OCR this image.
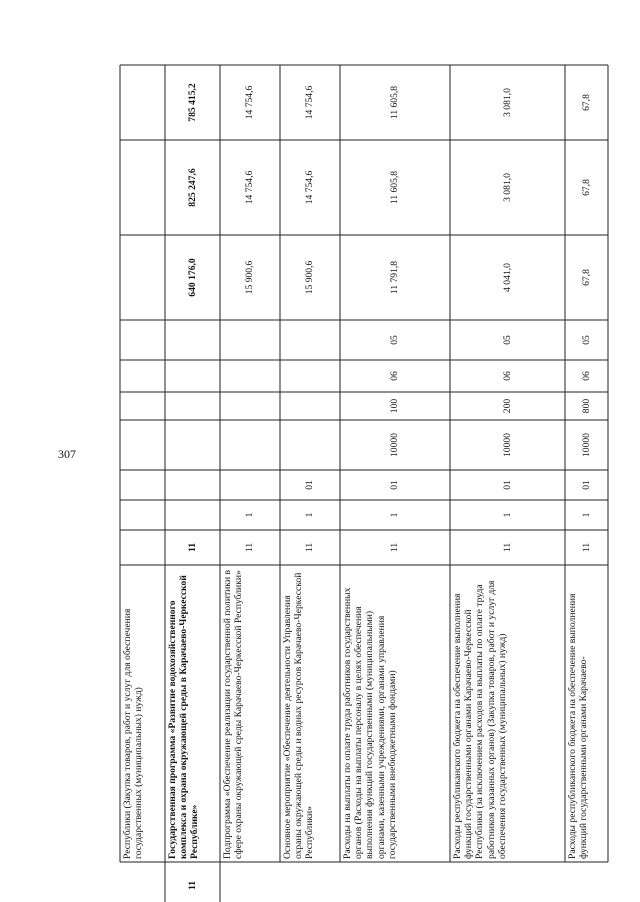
307
Республики (Закупка товаров, работ и услуг для обеспечения государственных (муниципальных) нужд) Государственная программа «Развитие водохозяйственного комплекса и охрана окружающей среды в Карачаево-Черкесской Республике»
11
785 415,2
825 247,6
640 176,0
11
Подпрограмма «Обеспечение реализации государственной политики в сфере охраны окружающей среды Карачаево-Черкесской Республики»
14 754,6
14 754,6
15 900,6
1
11
Основное мероприятие «Обеспечение деятельности Управления охраны окружающей среды и водных ресурсов Карачаево-Черкесской Республики»
14 754,6
14 754,6
15 900,6
01
1
11
Расходы на выплаты по оплате труда работников государственных органов (Расходы на выплаты персоналу в целях обеспечения выполнения функций государственными (муниципальными) органами, казенными учреждениями, органами управления государственными внебюджетными фондами)
11 605,8
11 605,8
11 791,8
05
06
100
10000
01
1
11
Расходы республиканского бюджета на обеспечение выполнения функций государственными органами Карачаево-Черкесской Республики (за исключением расходов на выплаты по оплате труда работников указанных органов) (Закупка товаров, работ и услуг для обеспечения государственных (муниципальных) нужд)
3 081,0
3 081,0
4 041,0
05
06
200
10000
01
1
11
Расходы республиканского бюджета на обеспечение выполнения функций государственными органами Карачаево-
67,8
67,8
67,8
05
06
800
10000
01
1
11
